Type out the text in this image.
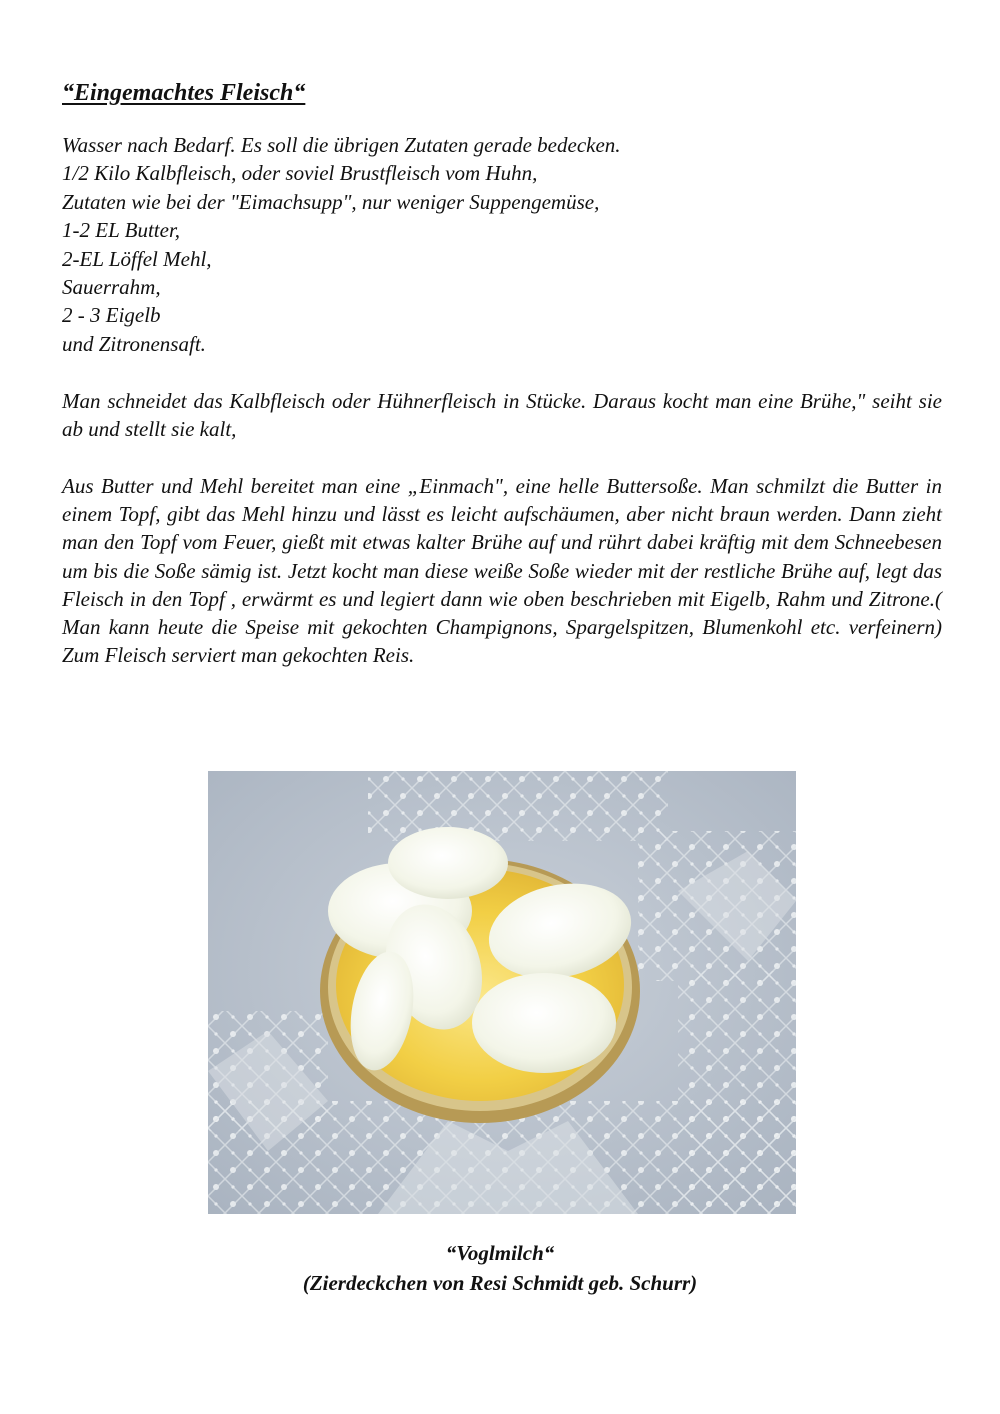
“Eingemachtes Fleisch“
Wasser nach Bedarf. Es soll die übrigen Zutaten gerade bedecken.
1/2 Kilo Kalbfleisch, oder soviel Brustfleisch vom Huhn,
Zutaten wie bei der "Eimachsupp", nur weniger Suppengemüse,
1-2 EL Butter,
2-EL Löffel Mehl,
Sauerrahm,
2 - 3 Eigelb
und Zitronensaft.

Man schneidet das Kalbfleisch oder Hühnerfleisch in Stücke. Daraus kocht man eine Brühe," seiht sie ab und stellt sie kalt,

Aus Butter und Mehl bereitet man eine „Einmach", eine helle Buttersoße. Man schmilzt die Butter in einem Topf, gibt das Mehl hinzu und lässt es leicht aufschäumen, aber nicht braun werden. Dann zieht man den Topf vom Feuer, gießt mit etwas kalter Brühe auf und rührt dabei kräftig mit dem Schneebesen um bis die Soße sämig ist. Jetzt kocht man diese weiße Soße wieder mit der restliche Brühe auf, legt das Fleisch in den Topf , erwärmt es und legiert dann wie oben beschrieben mit Eigelb, Rahm und Zitrone.( Man kann heute die Speise mit gekochten Champignons, Spargelspitzen, Blumenkohl etc. verfeinern) Zum Fleisch serviert man gekochten Reis.

“Voglmilch“

(Zierdeckchen von Resi Schmidt geb. Schurr)
